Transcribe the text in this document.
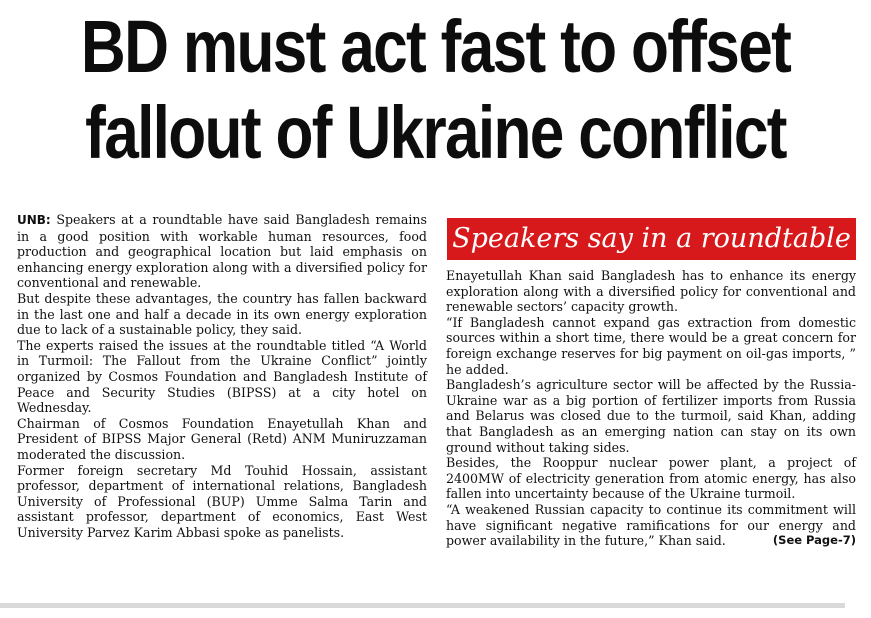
BD must act fast to offset
fallout of Ukraine conflict

UNB: Speakers at a roundtable have said Bangladesh remains in a good position with workable human resources, food production and geographical location but laid emphasis on enhancing energy exploration along with a diversified policy for conventional and renewable.

But despite these advantages, the country has fallen backward in the last one and half a decade in its own energy exploration due to lack of a sustainable policy, they said.

The experts raised the issues at the roundtable titled “A World in Turmoil: The Fallout from the Ukraine Conflict” jointly organized by Cosmos Foundation and Bangladesh Institute of Peace and Security Studies (BIPSS) at a city hotel on Wednesday.

Chairman of Cosmos Foundation Enayetullah Khan and President of BIPSS Major General (Retd) ANM Muniruzzaman moderated the discussion.

Former foreign secretary Md Touhid Hossain, assistant professor, department of international relations, Bangladesh University of Professional (BUP) Umme Salma Tarin and assistant professor, department of economics, East West University Parvez Karim Abbasi spoke as panelists.

Speakers say in a roundtable

Enayetullah Khan said Bangladesh has to enhance its energy exploration along with a diversified policy for conventional and renewable sectors’ capacity growth.

“If Bangladesh cannot expand gas extraction from domestic sources within a short time, there would be a great concern for foreign exchange reserves for big payment on oil-gas imports, ” he added.

Bangladesh’s agriculture sector will be affected by the Russia-Ukraine war as a big portion of fertilizer imports from Russia and Belarus was closed due to the turmoil, said Khan, adding that Bangladesh as an emerging nation can stay on its own ground without taking sides.

Besides, the Rooppur nuclear power plant, a project of 2400MW of electricity generation from atomic energy, has also fallen into uncertainty because of the Ukraine turmoil.

“A weakened Russian capacity to continue its commitment will have significant negative ramifications for our energy and power availability in the future,” Khan said.	(See Page-7)
